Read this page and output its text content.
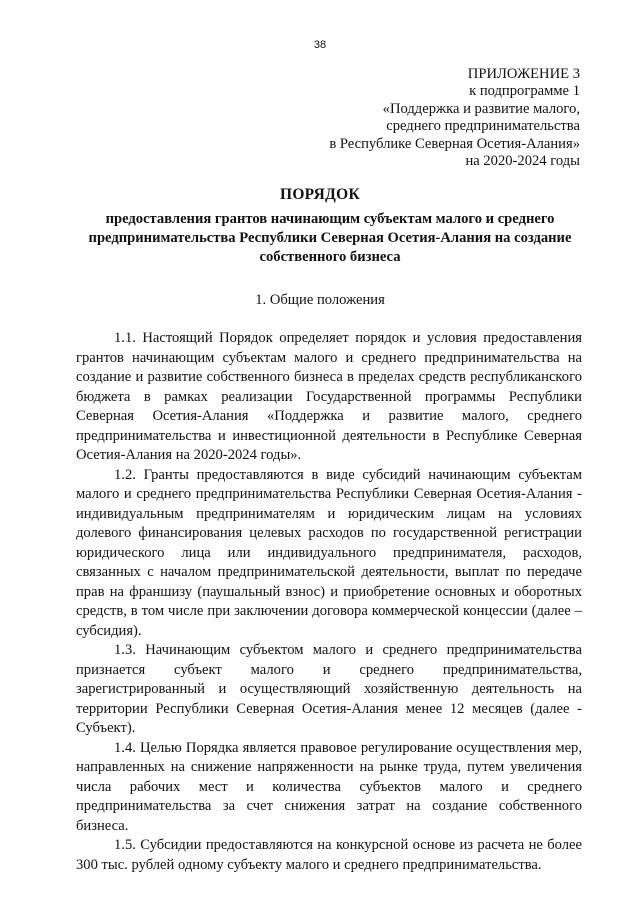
38
ПРИЛОЖЕНИЕ 3
к подпрограмме 1
«Поддержка и развитие малого,
среднего предпринимательства
в Республике Северная Осетия-Алания»
на 2020-2024 годы
ПОРЯДОК
предоставления грантов начинающим субъектам малого и среднего
предпринимательства Республики Северная Осетия-Алания на создание
собственного бизнеса
1. Общие положения

1.1. Настоящий Порядок определяет порядок и условия предоставления грантов начинающим субъектам малого и среднего предпринимательства на создание и развитие собственного бизнеса в пределах средств республиканского бюджета в рамках реализации Государственной программы Республики Северная Осетия-Алания «Поддержка и развитие малого, среднего предпринимательства и инвестиционной деятельности в Республике Северная Осетия-Алания на 2020-2024 годы».

1.2. Гранты предоставляются в виде субсидий начинающим субъектам малого и среднего предпринимательства Республики Северная Осетия-Алания - индивидуальным предпринимателям и юридическим лицам на условиях долевого финансирования целевых расходов по государственной регистрации юридического лица или индивидуального предпринимателя, расходов, связанных с началом предпринимательской деятельности, выплат по передаче прав на франшизу (паушальный взнос) и приобретение основных и оборотных средств, в том числе при заключении договора коммерческой концессии (далее – субсидия).

1.3. Начинающим субъектом малого и среднего предпринимательства признается субъект малого и среднего предпринимательства, зарегистрированный и осуществляющий хозяйственную деятельность на территории Республики Северная Осетия-Алания менее 12 месяцев (далее - Субъект).

1.4. Целью Порядка является правовое регулирование осуществления мер, направленных на снижение напряженности на рынке труда, путем увеличения числа рабочих мест и количества субъектов малого и среднего предпринимательства за счет снижения затрат на создание собственного бизнеса.

1.5. Субсидии предоставляются на конкурсной основе из расчета не более 300 тыс. рублей одному субъекту малого и среднего предпринимательства.
